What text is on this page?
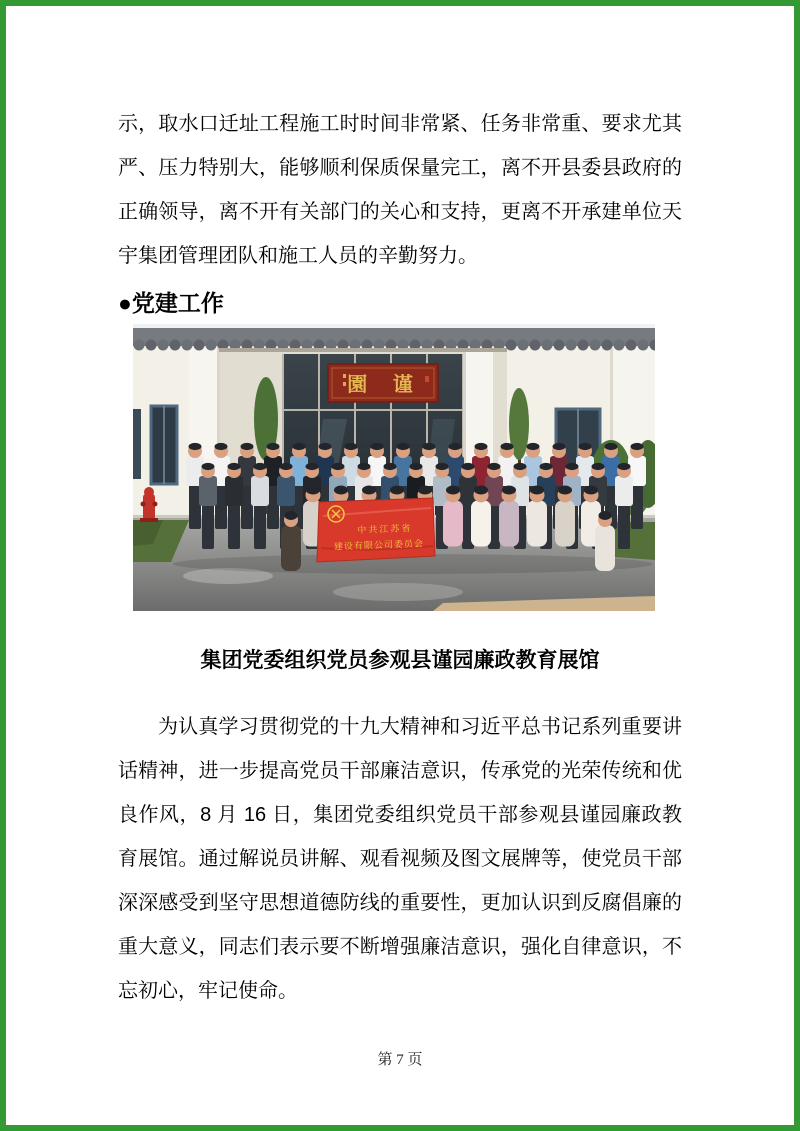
示，取水口迁址工程施工时时间非常紧、任务非常重、要求尤其严、压力特别大，能够顺利保质保量完工，离不开县委县政府的正确领导，离不开有关部门的关心和支持，更离不开承建单位天宇集团管理团队和施工人员的辛勤努力。

●党建工作
園 谨
中共江苏省
建设有限公司委员会
集团党委组织党员参观县谨园廉政教育展馆

为认真学习贯彻党的十九大精神和习近平总书记系列重要讲话精神，进一步提高党员干部廉洁意识，传承党的光荣传统和优良作风，8 月 16 日，集团党委组织党员干部参观县谨园廉政教育展馆。通过解说员讲解、观看视频及图文展牌等，使党员干部深深感受到坚守思想道德防线的重要性，更加认识到反腐倡廉的重大意义，同志们表示要不断增强廉洁意识，强化自律意识，不忘初心，牢记使命。

第 7 页
